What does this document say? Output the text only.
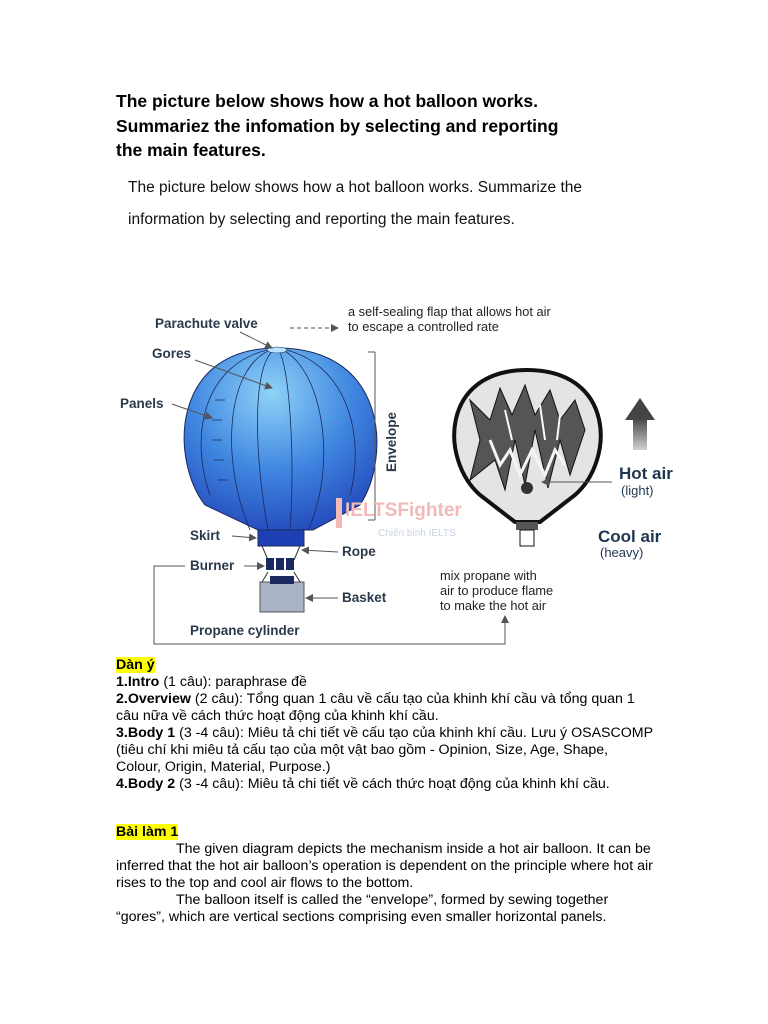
The picture below shows how a hot balloon works.
Summariez the infomation by selecting and reporting
the main features.
The picture below shows how a hot balloon works. Summarize the
information by selecting and reporting the main features.
Parachute valve
a self-sealing flap that allows hot air
to escape a controlled rate
Gores
Panels
Envelope
Skirt
Rope
Burner
Basket
Propane cylinder
mix propane with
air to produce flame
to make the hot air
IELTSFighter
Chiến binh IELTS
Hot air
(light)
Cool air
(heavy)
Dàn ý

1.Intro (1 câu): paraphrase đề

2.Overview (2 câu): Tổng quan 1 câu về cấu tạo của khinh khí cầu và tổng quan 1 câu nữa về cách thức hoạt động của khinh khí cầu.

3.Body 1 (3 -4 câu): Miêu tả chi tiết về cấu tạo của khinh khí cầu. Lưu ý OSASCOMP (tiêu chí khi miêu tả cấu tạo của một vật bao gồm - Opinion, Size, Age, Shape, Colour, Origin, Material, Purpose.)

4.Body 2 (3 -4 câu): Miêu tả chi tiết về cách thức hoạt động của khinh khí cầu.

Bài làm 1

The given diagram depicts the mechanism inside a hot air balloon. It can be inferred that the hot air balloon’s operation is dependent on the principle where hot air rises to the top and cool air flows to the bottom.

The balloon itself is called the “envelope”, formed by sewing together “gores”, which are vertical sections comprising even smaller horizontal panels.
